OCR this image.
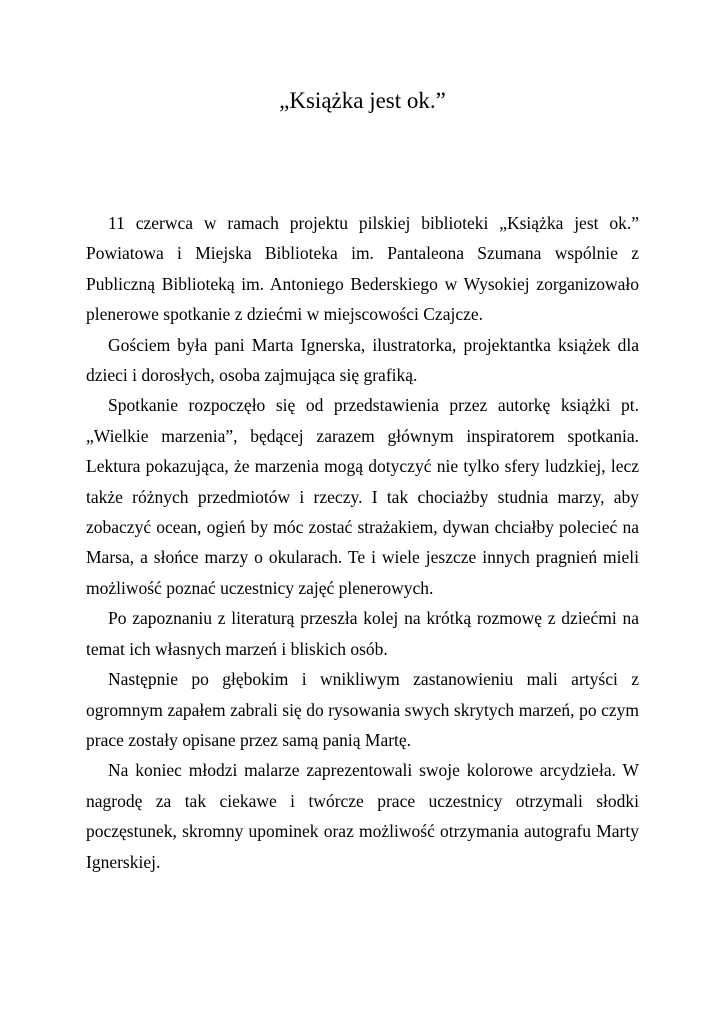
„Książka jest ok.”

11 czerwca w ramach projektu pilskiej biblioteki „Książka jest ok.” Powiatowa i Miejska Biblioteka im. Pantaleona Szumana wspólnie z Publiczną Biblioteką im. Antoniego Bederskiego w Wysokiej zorganizowało plenerowe spotkanie z dziećmi w miejscowości Czajcze.

Gościem była pani Marta Ignerska, ilustratorka, projektantka książek dla dzieci i dorosłych, osoba zajmująca się grafiką.

Spotkanie rozpoczęło się od przedstawienia przez autorkę książki pt. „Wielkie marzenia”, będącej zarazem głównym inspiratorem spotkania. Lektura pokazująca, że marzenia mogą dotyczyć nie tylko sfery ludzkiej, lecz także różnych przedmiotów i rzeczy. I tak chociażby studnia marzy, aby zobaczyć ocean, ogień by móc zostać strażakiem, dywan chciałby polecieć na Marsa, a słońce marzy o okularach. Te i wiele jeszcze innych pragnień mieli możliwość poznać uczestnicy zajęć plenerowych.

Po zapoznaniu z literaturą przeszła kolej na krótką rozmowę z dziećmi na temat ich własnych marzeń i bliskich osób.

Następnie po głębokim i wnikliwym zastanowieniu mali artyści z ogromnym zapałem zabrali się do rysowania swych skrytych marzeń, po czym prace zostały opisane przez samą panią Martę.

Na koniec młodzi malarze zaprezentowali swoje kolorowe arcydzieła. W nagrodę za tak ciekawe i twórcze prace uczestnicy otrzymali słodki poczęstunek, skromny upominek oraz możliwość otrzymania autografu Marty Ignerskiej.
